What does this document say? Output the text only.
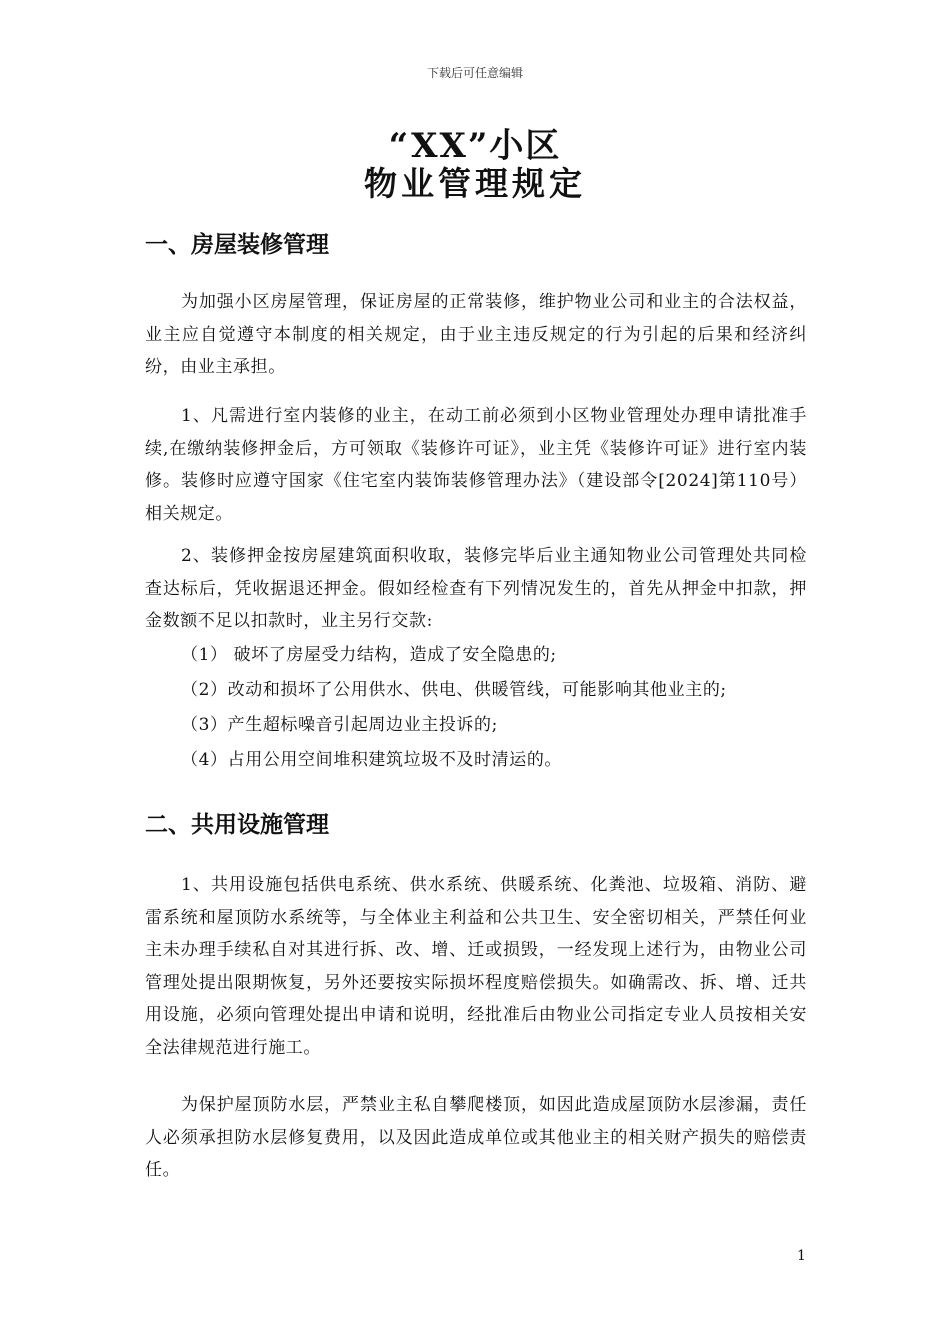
下载后可任意编辑
“XX”小区
物业管理规定
一、房屋装修管理
为加强小区房屋管理，保证房屋的正常装修，维护物业公司和业主的合法权益，业主应自觉遵守本制度的相关规定，由于业主违反规定的行为引起的后果和经济纠纷，由业主承担。
1、凡需进行室内装修的业主，在动工前必须到小区物业管理处办理申请批准手续,在缴纳装修押金后，方可领取《装修许可证》，业主凭《装修许可证》进行室内装修。装修时应遵守国家《住宅室内装饰装修管理办法》（建设部令[2024]第110号）相关规定。
2、装修押金按房屋建筑面积收取，装修完毕后业主通知物业公司管理处共同检查达标后，凭收据退还押金。假如经检查有下列情况发生的，首先从押金中扣款，押金数额不足以扣款时，业主另行交款:
（1） 破坏了房屋受力结构，造成了安全隐患的;
（2）改动和损坏了公用供水、供电、供暖管线，可能影响其他业主的;
（3）产生超标噪音引起周边业主投诉的;
（4）占用公用空间堆积建筑垃圾不及时清运的。
二、共用设施管理
1、共用设施包括供电系统、供水系统、供暖系统、化粪池、垃圾箱、消防、避雷系统和屋顶防水系统等，与全体业主利益和公共卫生、安全密切相关，严禁任何业主未办理手续私自对其进行拆、改、增、迁或损毁，一经发现上述行为，由物业公司管理处提出限期恢复，另外还要按实际损坏程度赔偿损失。如确需改、拆、增、迁共用设施，必须向管理处提出申请和说明，经批准后由物业公司指定专业人员按相关安全法律规范进行施工。
为保护屋顶防水层，严禁业主私自攀爬楼顶，如因此造成屋顶防水层渗漏，责任人必须承担防水层修复费用，以及因此造成单位或其他业主的相关财产损失的赔偿责任。
1
